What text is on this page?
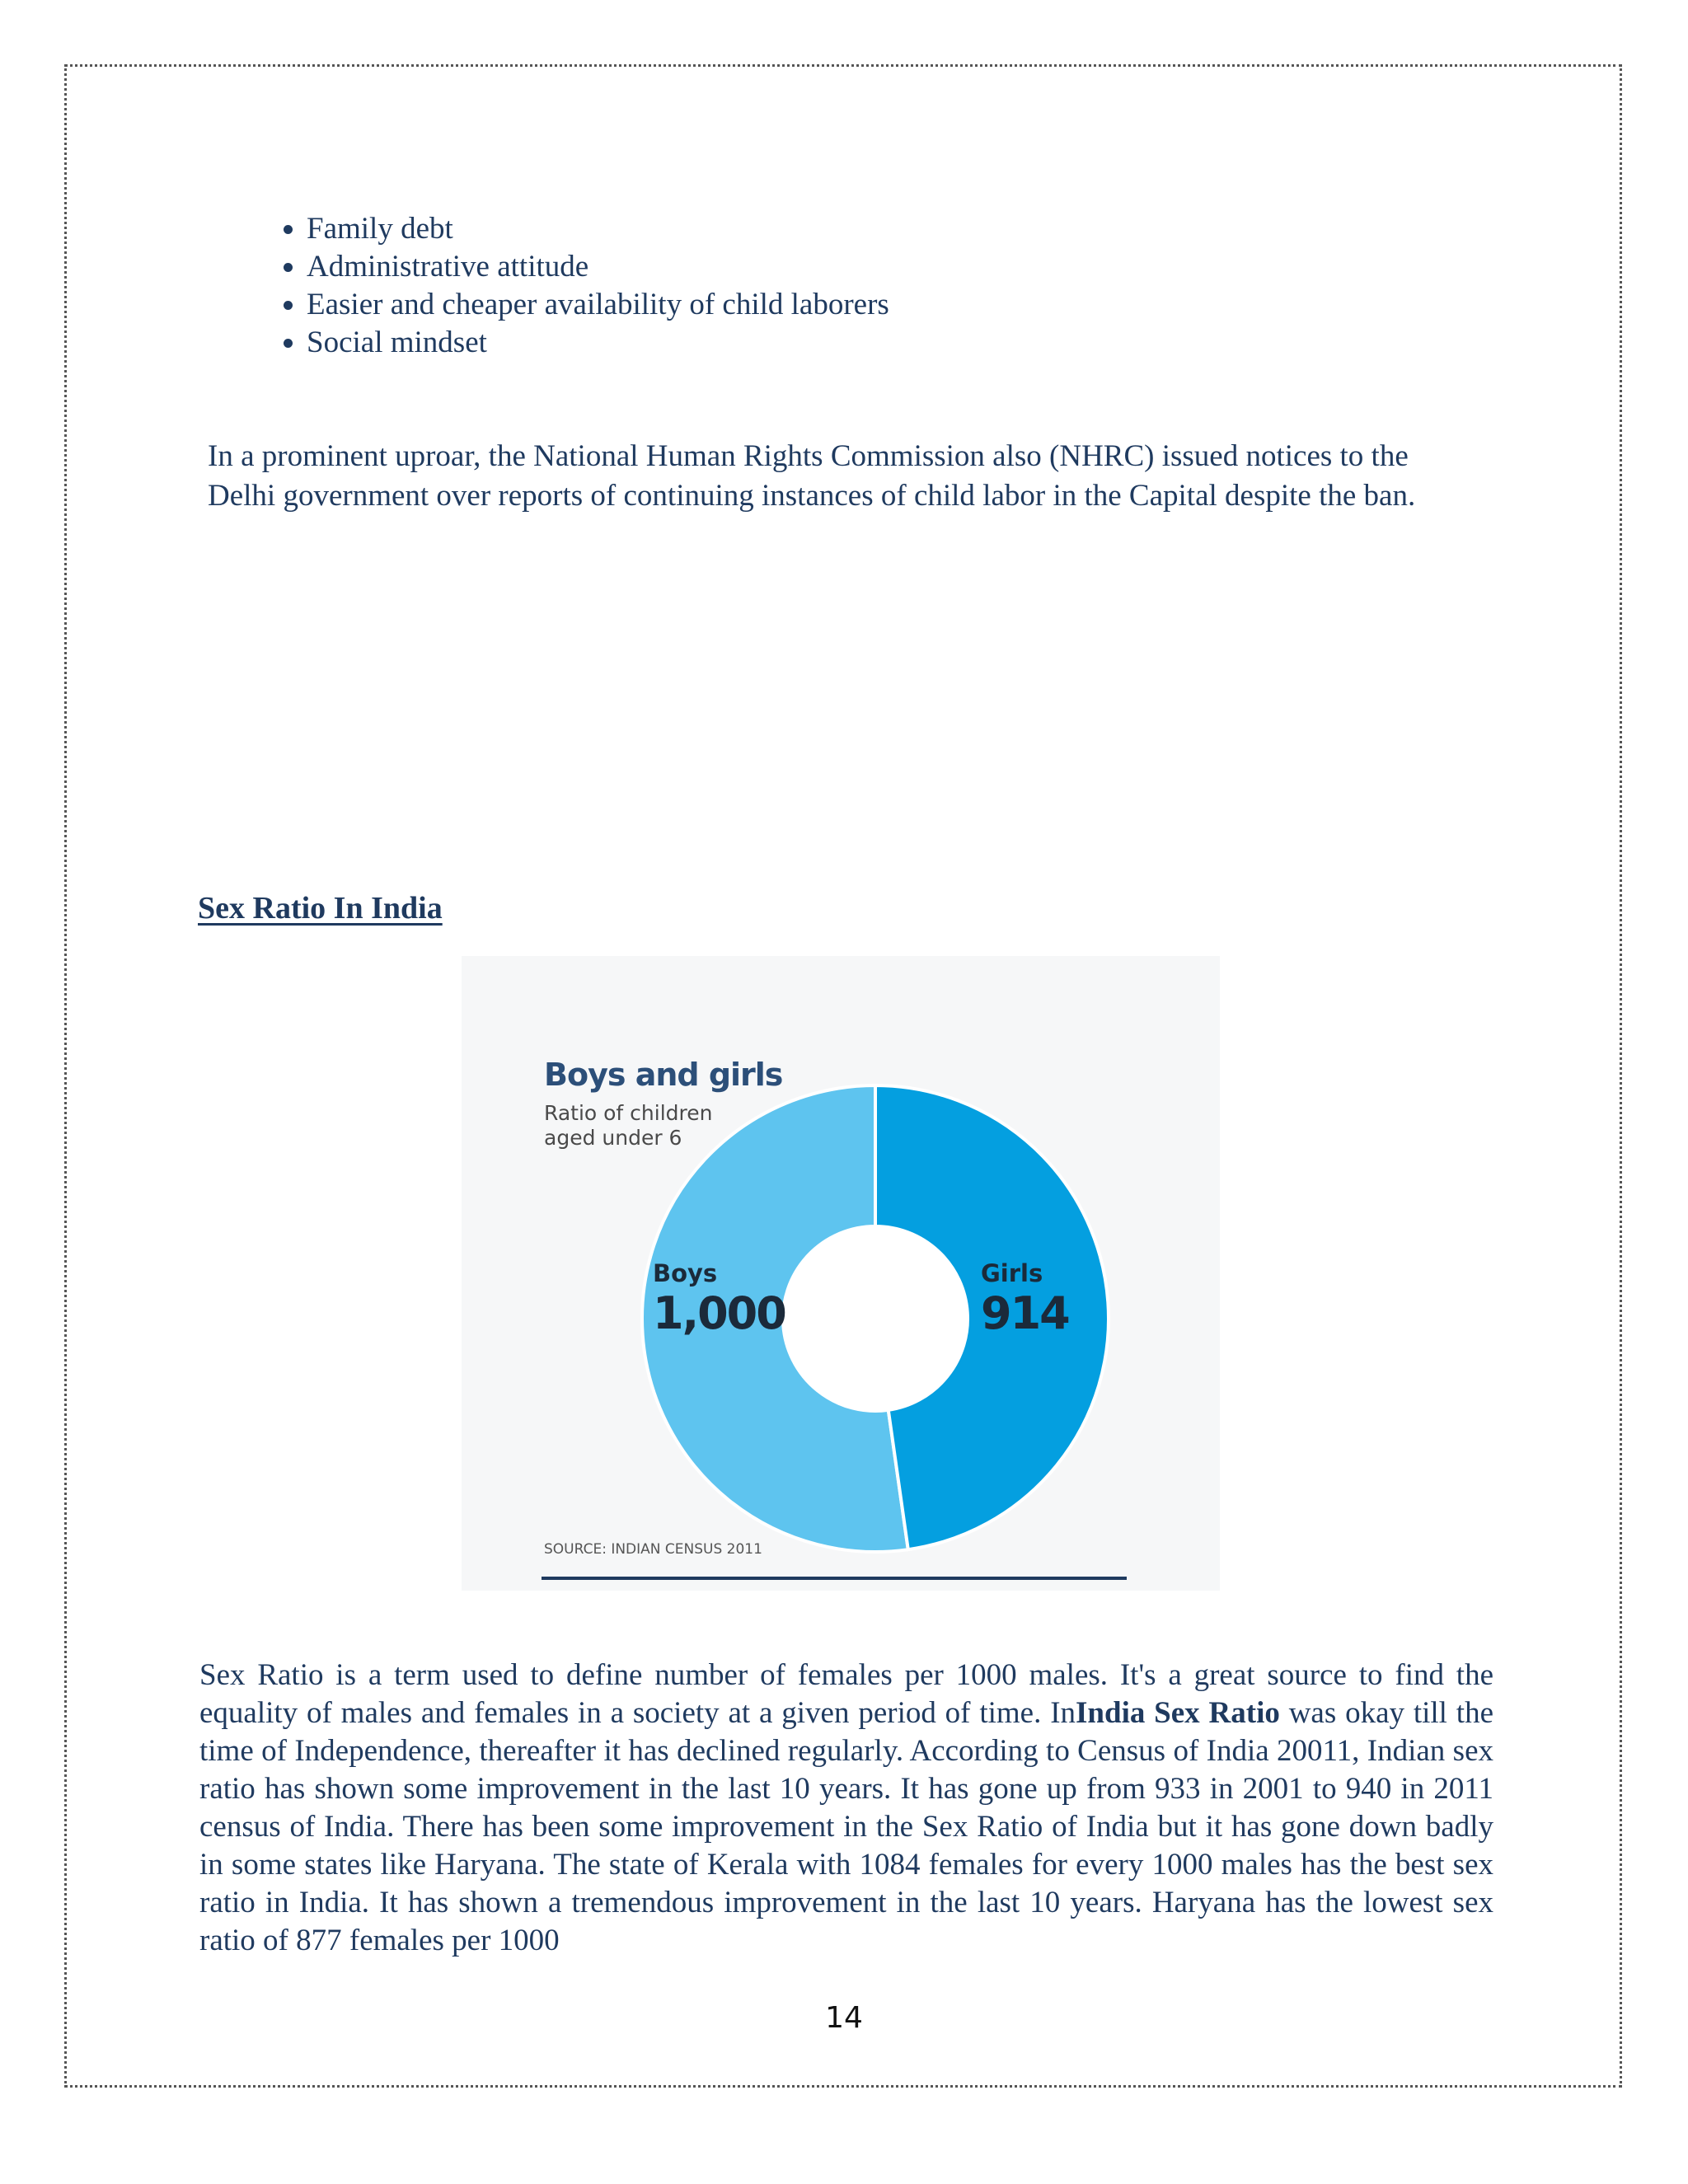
• Family debt
• Administrative attitude
• Easier and cheaper availability of child laborers
• Social mindset

In a prominent uproar, the National Human Rights Commission also (NHRC) issued notices to the Delhi government over reports of continuing instances of child labor in the Capital despite the ban.

Sex Ratio In India

Boys and girls

Ratio of children aged under 6

Boys
1,000
Girls
914

SOURCE: INDIAN CENSUS 2011

Sex Ratio is a term used to define number of females per 1000 males. It's a great source to find the equality of males and females in a society at a given period of time. InIndia Sex Ratio was okay till the time of Independence, thereafter it has declined regularly. According to Census of India 20011, Indian sex ratio has shown some improvement in the last 10 years. It has gone up from 933 in 2001 to 940 in 2011 census of India. There has been some improvement in the Sex Ratio of India but it has gone down badly in some states like Haryana. The state of Kerala with 1084 females for every 1000 males has the best sex ratio in India. It has shown a tremendous improvement in the last 10 years. Haryana has the lowest sex ratio of 877 females per 1000

14
